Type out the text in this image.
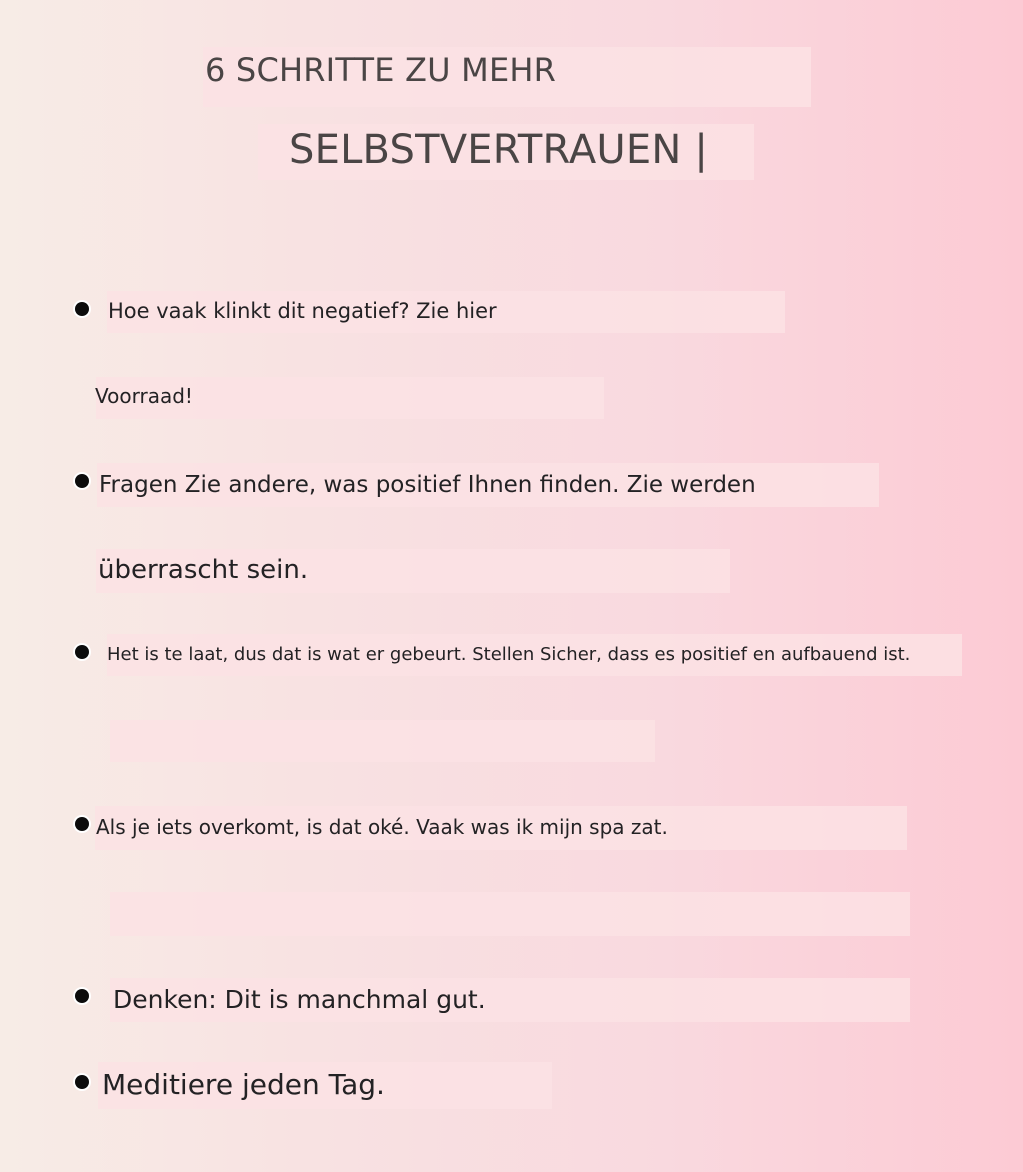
6 SCHRITTE ZU MEHR
SELBSTVERTRAUEN |
Hoe vaak klinkt dit negatief? Zie hier
Voorraad!
Fragen Zie andere, was positief Ihnen finden. Zie werden
überrascht sein.
Het is te laat, dus dat is wat er gebeurt. Stellen Sicher, dass es positief en aufbauend ist.
Als je iets overkomt, is dat oké. Vaak was ik mijn spa zat.
Denken: Dit is manchmal gut.
Meditiere jeden Tag.
